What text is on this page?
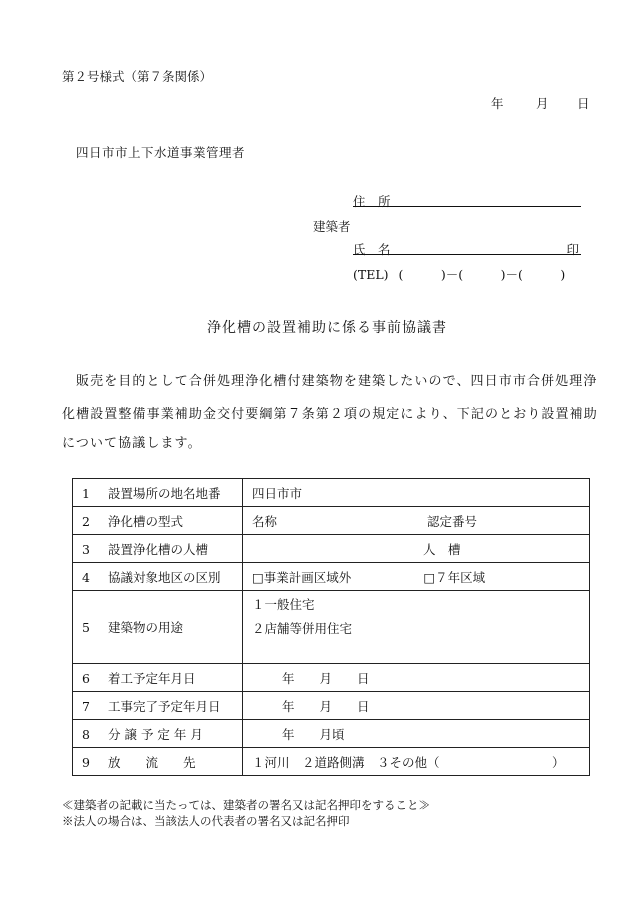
第２号様式（第７条関係）
年	月 日
四日市市上下水道事業管理者
住　所
建築者
氏　名	印
(TEL) (　　　)－(　　　)－(　　　)
浄化槽の設置補助に係る事前協議書
販売を目的として合併処理浄化槽付建築物を建築したいので、四日市市合併処理浄
化槽設置整備事業補助金交付要綱第７条第２項の規定により、下記のとおり設置補助
について協議します。
1 設置場所の地名地番	四日市市
2 浄化槽の型式	名称 認定番号
3 設置浄化槽の人槽	人　槽
4 協議対象地区の区別	□事業計画区域外 □７年区域
5 建築物の用途	１一般住宅
２店舗等併用住宅

6 着工予定年月日	年　　月　　日
7 工事完了予定年月日	年　　月　　日
8 分 譲 予 定 年 月	年　　月頃
9 放　　流　　先	１河川　２道路側溝　３その他（　　　　　　　　　）
≪建築者の記載に当たっては、建築者の署名又は記名押印をすること≫
※法人の場合は、当該法人の代表者の署名又は記名押印
